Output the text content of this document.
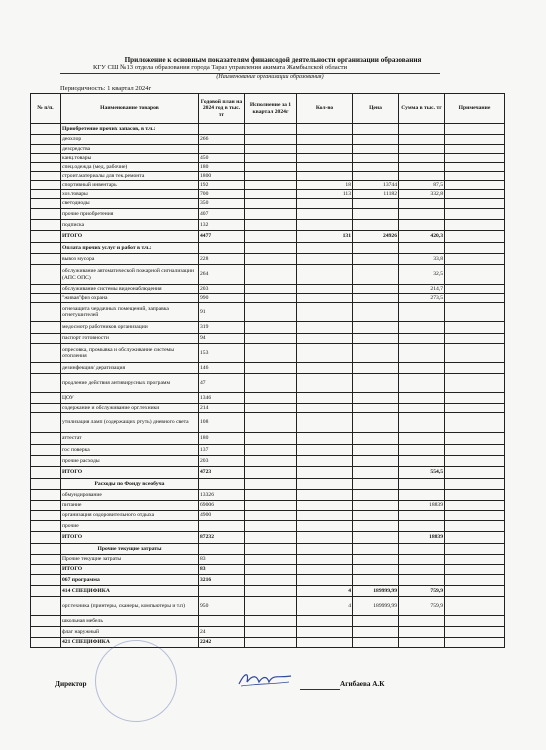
Приложение к основным показателям финансодой деятельности организации образования
КГУ СШ №13 отдела образования города Тараз управления акимата Жамбылской области
(Наименование организации образования)
Периодичность: 1 квартал 2024г
№ п/п.	Наименование товаров	Годовой план на 2024 год в тыс. тг	Исполнение за 1 квартал 2024г	Кол-во	Цена	Сумма в тыс. тг	Примечание
	Приобретение прочих запасов, в т.ч.:						
	деохлор	266					
	дезсредства						
	канц.товары	450					
	спец.одежда (мед, рабочие)	180					
	строит.материалы для тек.ремонта	1800					
	спортивный инвентарь	192		18	13744	87,5	
	хоз.товары	700		113	11182	332,8	
	светодиоды	350					
	прочие приобретения	407					
	подписка	132					
	ИТОГО	4477		131	24926	420,3	
	Оплата прочих услуг и работ в т.ч.:						
	вывоз мусора	228				33,8	
	обслуживание автоматической пожарной сигнализации (АПС ОПС)	264				32,5	
	обслуживание системы видеонаблюдения	203				214,7	
	"живая"физ охрана	990				273,5	
	огнезащита чердачных помещений, заправка огнетушителей	91					
	медосмотр работников организации	319					
	паспорт готовности	94					
	опресовка, промывка и обслуживание системы отопления	153					
	дезинфекция/ дератизация	146					
	продление действия антивирусных программ	47					
	ЦОУ	1346					
	содержание и обслуживание орг.техники	214					
	утилизация ламп (содержащих ртуть) дневного света	108					
	аттестат	180					
	гос поверка	137					
	прочие расходы	203					
	ИТОГО	4723				554,5	
	Расходы по Фонду всеобуча						
	обмундирование	13326					
	питание	69006				18839	
	организация оздоровительного отдыха	4900					
	прочие						
	ИТОГО	87232				18839	
	Прочие текущие затраты						
	Прочие текущие затраты	83					
	ИТОГО	83					
	067 программа	3216					
	414 СПЕЦИФИКА			4	189999,99	759,9	
	орг.техника (принтеры, сканеры, компьютеры и т.п)	950		4	189999,99	759,9	
	школьная мебель						
	флаг наружный	24					
	421 СПЕЦИФИКА	2242					
Директор	Агибаева А.К
